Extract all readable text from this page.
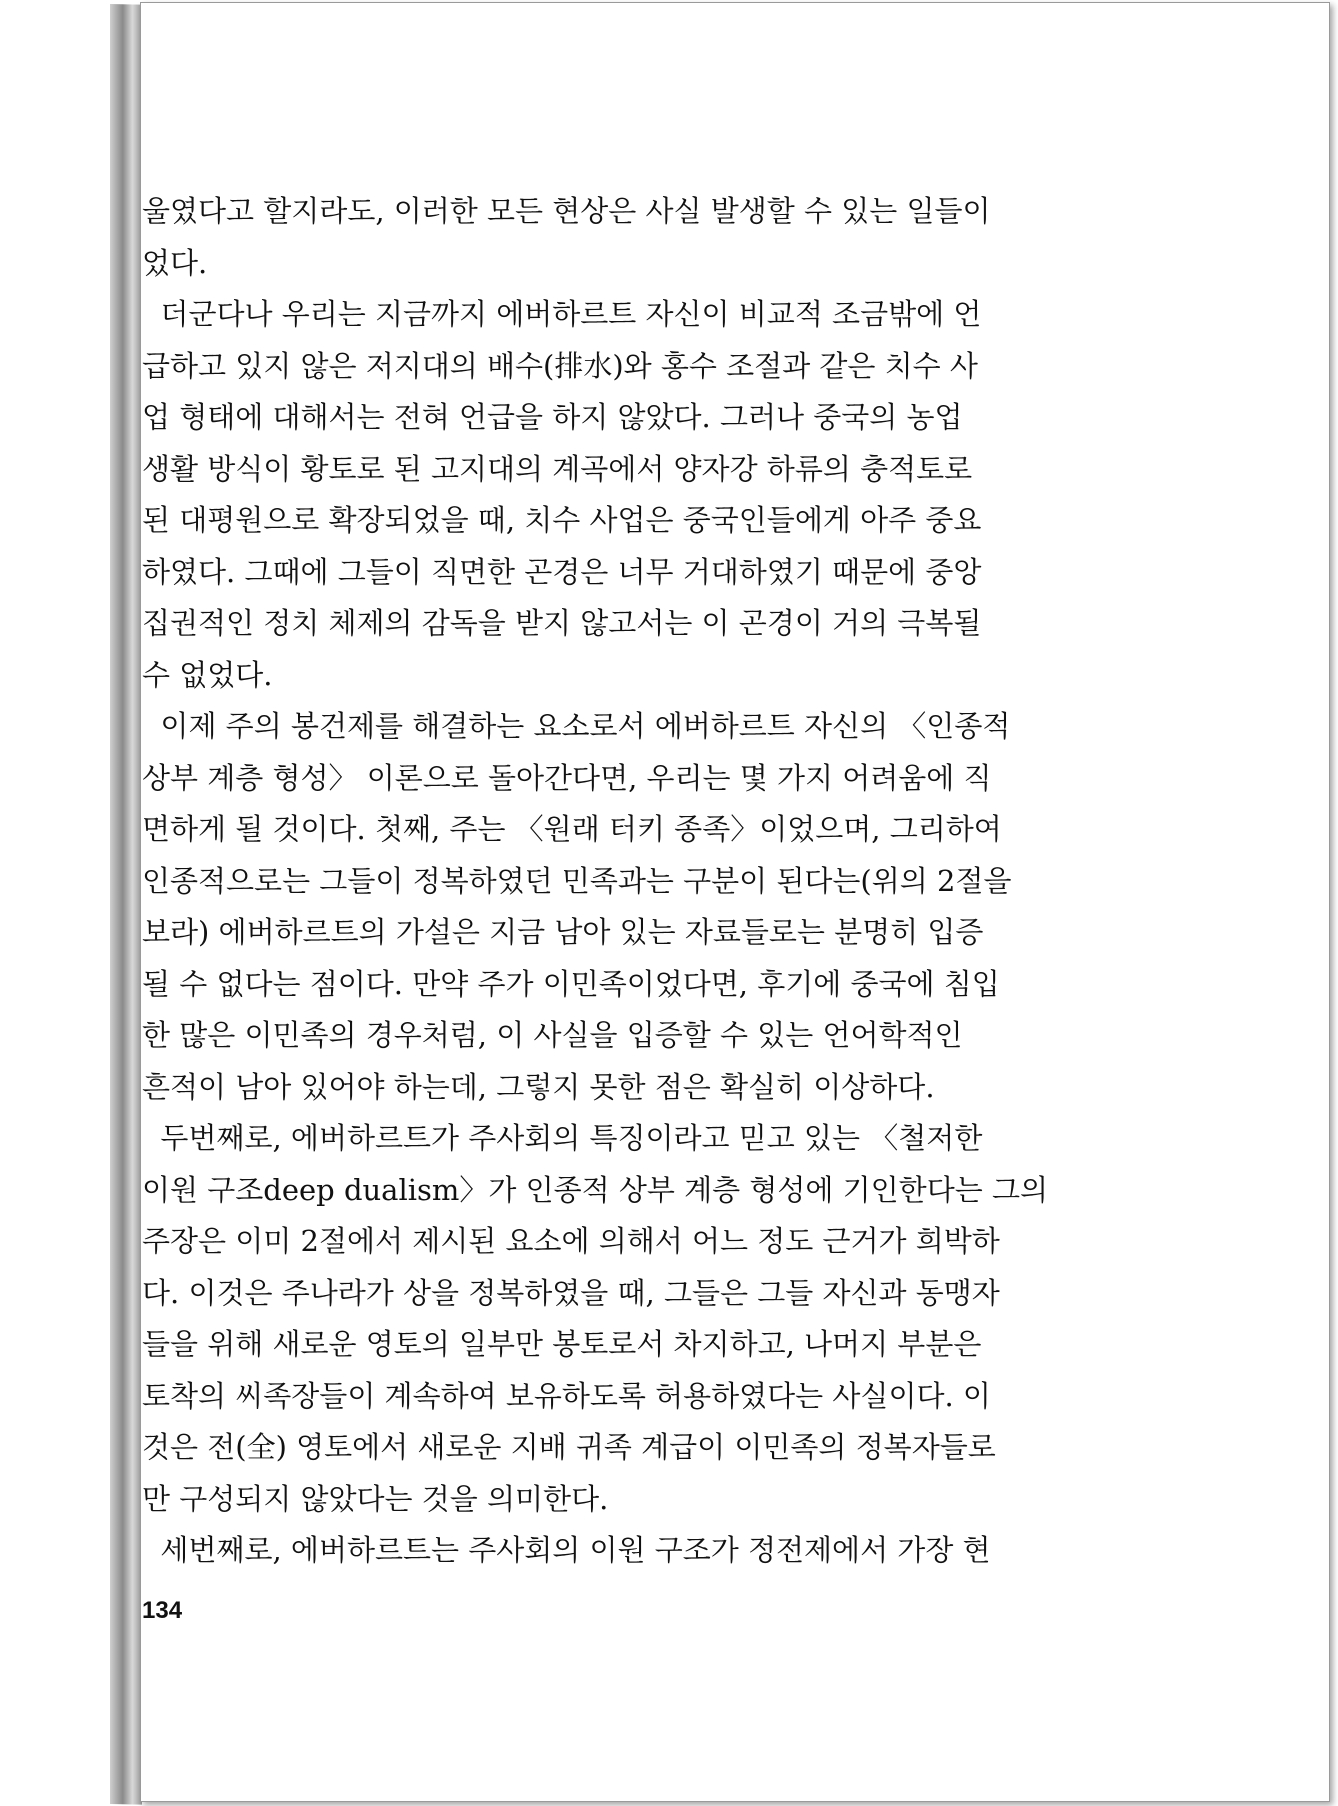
울였다고 할지라도, 이러한 모든 현상은 사실 발생할 수 있는 일들이
었다.
더군다나 우리는 지금까지 에버하르트 자신이 비교적 조금밖에 언
급하고 있지 않은 저지대의 배수(排水)와 홍수 조절과 같은 치수 사
업 형태에 대해서는 전혀 언급을 하지 않았다. 그러나 중국의 농업
생활 방식이 황토로 된 고지대의 계곡에서 양자강 하류의 충적토로
된 대평원으로 확장되었을 때, 치수 사업은 중국인들에게 아주 중요
하였다. 그때에 그들이 직면한 곤경은 너무 거대하였기 때문에 중앙
집권적인 정치 체제의 감독을 받지 않고서는 이 곤경이 거의 극복될
수 없었다.
이제 주의 봉건제를 해결하는 요소로서 에버하르트 자신의 〈인종적
상부 계층 형성〉 이론으로 돌아간다면, 우리는 몇 가지 어려움에 직
면하게 될 것이다. 첫째, 주는 〈원래 터키 종족〉이었으며, 그리하여
인종적으로는 그들이 정복하였던 민족과는 구분이 된다는(위의 2절을
보라) 에버하르트의 가설은 지금 남아 있는 자료들로는 분명히 입증
될 수 없다는 점이다. 만약 주가 이민족이었다면, 후기에 중국에 침입
한 많은 이민족의 경우처럼, 이 사실을 입증할 수 있는 언어학적인
흔적이 남아 있어야 하는데, 그렇지 못한 점은 확실히 이상하다.
두번째로, 에버하르트가 주사회의 특징이라고 믿고 있는 〈철저한
이원 구조deep dualism〉가 인종적 상부 계층 형성에 기인한다는 그의
주장은 이미 2절에서 제시된 요소에 의해서 어느 정도 근거가 희박하
다. 이것은 주나라가 상을 정복하였을 때, 그들은 그들 자신과 동맹자
들을 위해 새로운 영토의 일부만 봉토로서 차지하고, 나머지 부분은
토착의 씨족장들이 계속하여 보유하도록 허용하였다는 사실이다. 이
것은 전(全) 영토에서 새로운 지배 귀족 계급이 이민족의 정복자들로
만 구성되지 않았다는 것을 의미한다.
세번째로, 에버하르트는 주사회의 이원 구조가 정전제에서 가장 현
134
